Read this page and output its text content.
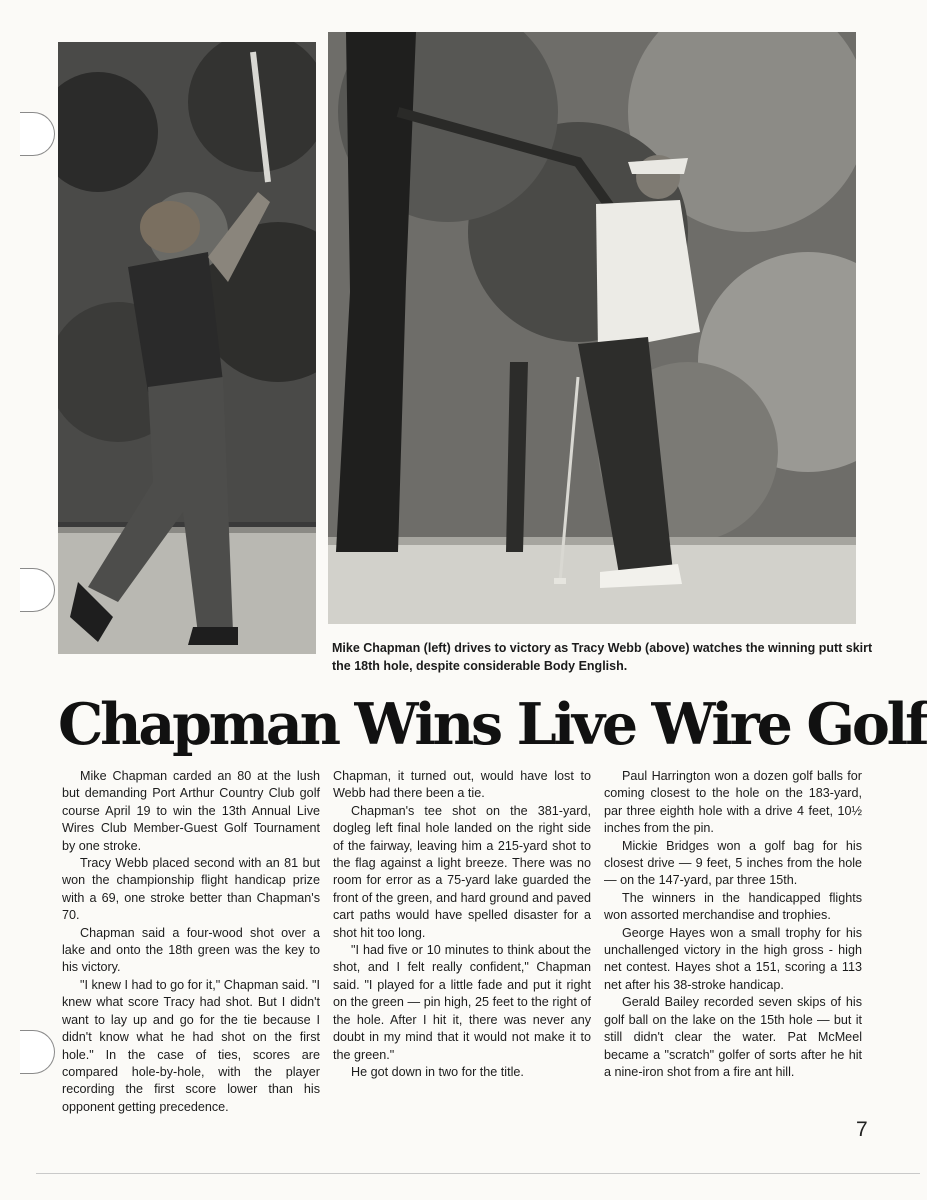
Mike Chapman (left) drives to victory as Tracy Webb (above) watches the winning putt skirt the 18th hole, despite considerable Body English.
Chapman Wins Live Wire Golf

Mike Chapman carded an 80 at the lush but demanding Port Arthur Country Club golf course April 19 to win the 13th Annual Live Wires Club Member-Guest Golf Tournament by one stroke.

Tracy Webb placed second with an 81 but won the championship flight handicap prize with a 69, one stroke better than Chapman's 70.

Chapman said a four-wood shot over a lake and onto the 18th green was the key to his victory.

"I knew I had to go for it," Chapman said. "I knew what score Tracy had shot. But I didn't want to lay up and go for the tie because I didn't know what he had shot on the first hole." In the case of ties, scores are compared hole-by-hole, with the player recording the first score lower than his opponent getting precedence.

Chapman, it turned out, would have lost to Webb had there been a tie.

Chapman's tee shot on the 381-yard, dogleg left final hole landed on the right side of the fairway, leaving him a 215-yard shot to the flag against a light breeze. There was no room for error as a 75-yard lake guarded the front of the green, and hard ground and paved cart paths would have spelled disaster for a shot hit too long.

"I had five or 10 minutes to think about the shot, and I felt really confident," Chapman said. "I played for a little fade and put it right on the green — pin high, 25 feet to the right of the hole. After I hit it, there was never any doubt in my mind that it would not make it to the green."

He got down in two for the title.

Paul Harrington won a dozen golf balls for coming closest to the hole on the 183-yard, par three eighth hole with a drive 4 feet, 10½ inches from the pin.

Mickie Bridges won a golf bag for his closest drive — 9 feet, 5 inches from the hole — on the 147-yard, par three 15th.

The winners in the handicapped flights won assorted merchandise and trophies.

George Hayes won a small trophy for his unchallenged victory in the high gross - high net contest. Hayes shot a 151, scoring a 113 net after his 38-stroke handicap.

Gerald Bailey recorded seven skips of his golf ball on the lake on the 15th hole — but it still didn't clear the water. Pat McMeel became a "scratch" golfer of sorts after he hit a nine-iron shot from a fire ant hill.

7
